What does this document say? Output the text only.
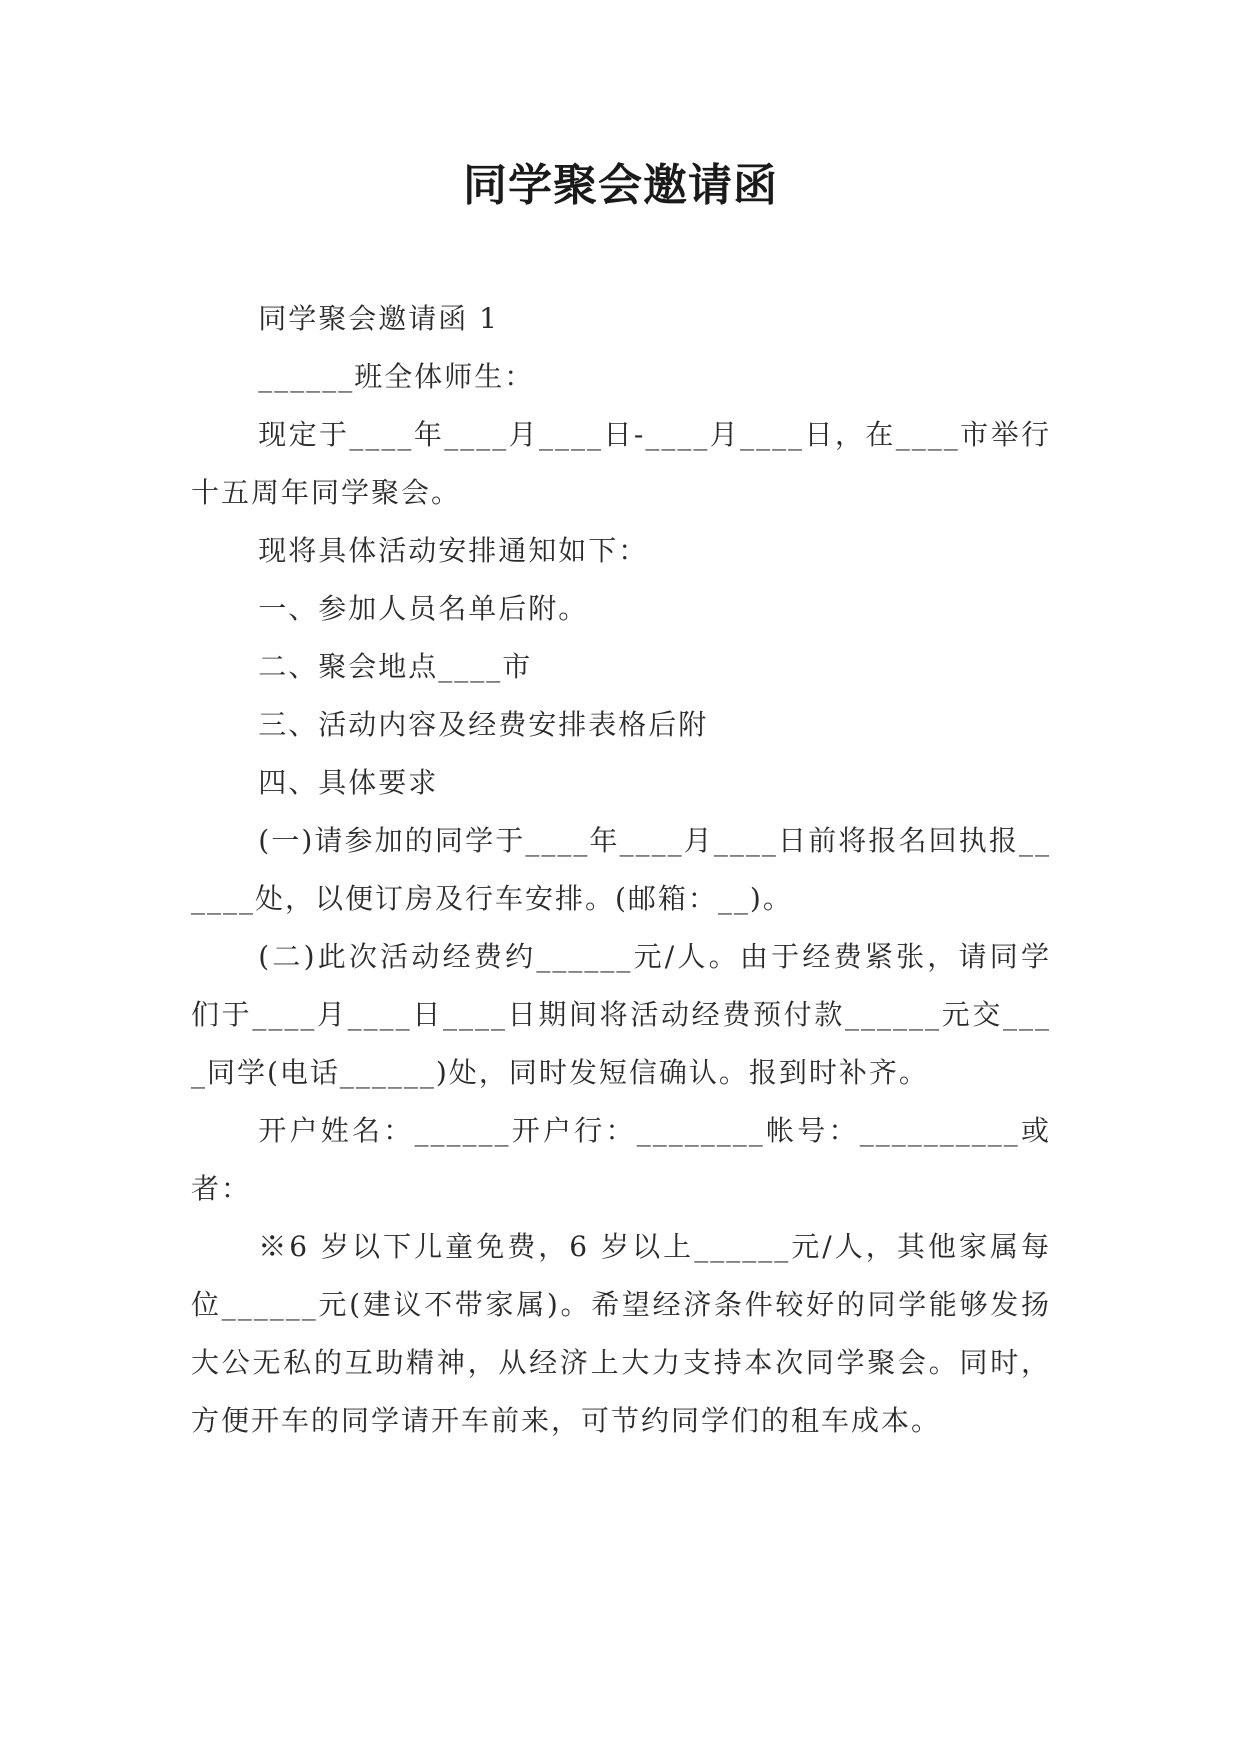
同学聚会邀请函

同学聚会邀请函 1

______班全体师生：

现定于____年____月____日-____月____日，在____市举行十五周年同学聚会。

现将具体活动安排通知如下：

一、参加人员名单后附。

二、聚会地点____市

三、活动内容及经费安排表格后附

四、具体要求

(一)请参加的同学于____年____月____日前将报名回执报______处，以便订房及行车安排。(邮箱：__)。

(二)此次活动经费约______元/人。由于经费紧张，请同学们于____月____日____日期间将活动经费预付款______元交____同学(电话______)处，同时发短信确认。报到时补齐。

开户姓名：______开户行：________帐号：__________或者：

※6 岁以下儿童免费，6 岁以上______元/人，其他家属每位______元(建议不带家属)。希望经济条件较好的同学能够发扬大公无私的互助精神，从经济上大力支持本次同学聚会。同时，方便开车的同学请开车前来，可节约同学们的租车成本。
